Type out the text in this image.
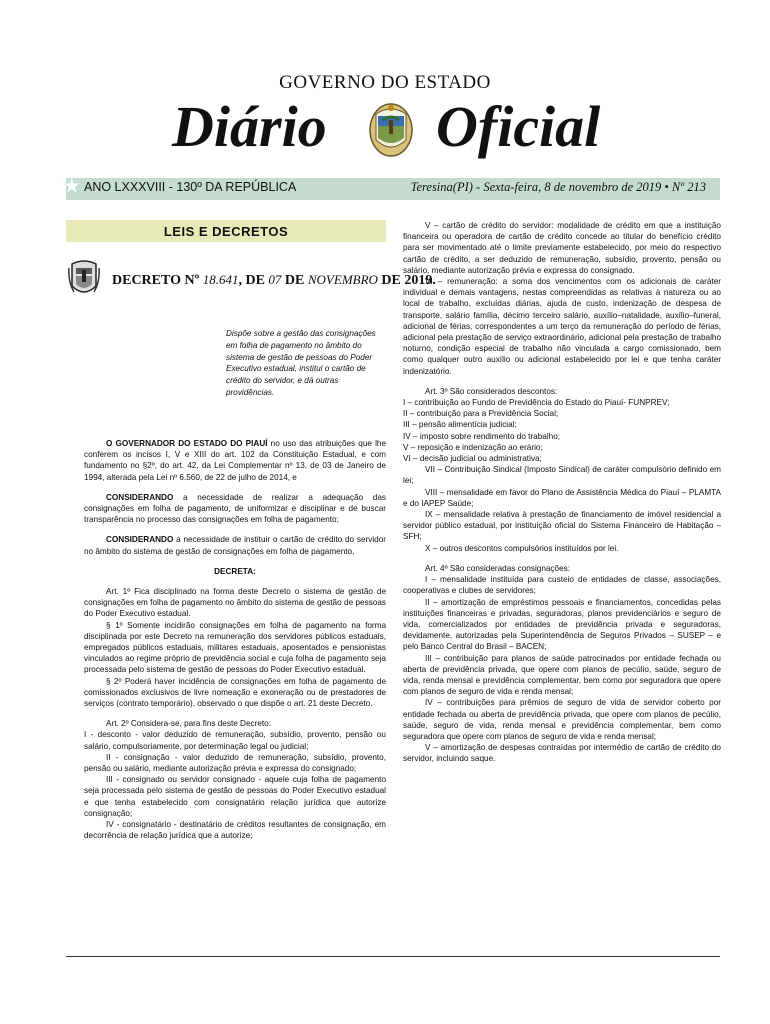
GOVERNO DO ESTADO
Diário Oficial
★ ANO LXXXVIII - 130º DA REPÚBLICA	Teresina(PI) - Sexta-feira, 8 de novembro de 2019 • Nº 213
LEIS E DECRETOS
DECRETO Nº 18.641, DE 07 DE NOVEMBRO DE 2019.
Dispõe sobre a gestão das consignações em folha de pagamento no âmbito do sistema de gestão de pessoas do Poder Executivo estadual, institui o cartão de crédito do servidor, e dá outras providências.

O GOVERNADOR DO ESTADO DO PIAUÍ no uso das atribuições que lhe conferem os incisos I, V e XIII do art. 102 da Constituição Estadual, e com fundamento no §2º, do art. 42, da Lei Complementar nº 13, de 03 de Janeiro de 1994, alterada pela Lei nº 6.560, de 22 de julho de 2014, e

CONSIDERANDO a necessidade de realizar a adequação das consignações em folha de pagamento, de uniformizar e disciplinar e de buscar transparência no processo das consignações em folha de pagamento;

CONSIDERANDO a necessidade de instituir o cartão de crédito do servidor no âmbito do sistema de gestão de consignações em folha de pagamento,

DECRETA:

Art. 1º Fica disciplinado na forma deste Decreto o sistema de gestão de consignações em folha de pagamento no âmbito do sistema de gestão de pessoas do Poder Executivo estadual.

§ 1º Somente incidirão consignações em folha de pagamento na forma disciplinada por este Decreto na remuneração dos servidores públicos estaduais, empregados públicos estaduais, militares estaduais, aposentados e pensionistas vinculados ao regime próprio de previdência social e cuja folha de pagamento seja processada pelo sistema de gestão de pessoas do Poder Executivo estadual.

§ 2º Poderá haver incidência de consignações em folha de pagamento de comissionados exclusivos de livre nomeação e exoneração ou de prestadores de serviços (contrato temporário), observado o que dispõe o art. 21 deste Decreto.

Art. 2º Considera-se, para fins deste Decreto:

I - desconto - valor deduzido de remuneração, subsídio, provento, pensão ou salário, compulsoriamente, por determinação legal ou judicial;

II - consignação - valor deduzido de remuneração, subsídio, provento, pensão ou salário, mediante autorização prévia e expressa do consignado;

III - consignado ou servidor consignado - aquele cuja folha de pagamento seja processada pelo sistema de gestão de pessoas do Poder Executivo estadual e que tenha estabelecido com consignatário relação jurídica que autorize consignação;

IV - consignatário - destinatário de créditos resultantes de consignação, em decorrência de relação jurídica que a autorize;

V – cartão de crédito do servidor: modalidade de crédito em que a instituição financeira ou operadora de cartão de crédito concede ao titular do benefício crédito para ser movimentado até o limite previamente estabelecido, por meio do respectivo cartão de crédito, a ser deduzido de remuneração, subsídio, provento, pensão ou salário, mediante autorização prévia e expressa do consignado.

VI – remuneração: a soma dos vencimentos com os adicionais de caráter individual e demais vantagens, nestas compreendidas as relativas à natureza ou ao local de trabalho, excluídas diárias, ajuda de custo, indenização de despesa de transporte, salário família, décimo terceiro salário, auxílio–natalidade, auxílio–funeral, adicional de férias, correspondentes a um terço da remuneração do período de férias, adicional pela prestação de serviço extraordinário, adicional pela prestação de trabalho noturno, condição especial de trabalho não vinculada a cargo comissionado, bem como qualquer outro auxílio ou adicional estabelecido por lei e que tenha caráter indenizatório.

Art. 3º São considerados descontos:

I – contribuição ao Fundo de Previdência do Estado do Piauí- FUNPREV;

II – contribuição para a Previdência Social;

III – pensão alimentícia judicial;

IV – imposto sobre rendimento do trabalho;

V – reposição e indenização ao erário;

VI – decisão judicial ou administrativa;

VII – Contribuição Sindical (Imposto Sindical) de caráter compulsório definido em lei;

VIII – mensalidade em favor do Plano de Assistência Médica do Piauí – PLAMTA e do IAPEP Saúde;

IX – mensalidade relativa à prestação de financiamento de imóvel residencial a servidor público estadual, por instituição oficial do Sistema Financeiro de Habitação – SFH;

X – outros descontos compulsórios instituídos por lei.

Art. 4º São consideradas consignações:

I – mensalidade instituída para custeio de entidades de classe, associações, cooperativas e clubes de servidores;

II – amortização de empréstimos pessoais e financiamentos, concedidas pelas instituições financeiras e privadas, seguradoras, planos previdenciários e seguro de vida, comercializados por entidades de previdência privada e seguradoras, devidamente, autorizadas pela Superintendência de Seguros Privados – SUSEP – e pelo Banco Central do Brasil – BACEN;

III – contribuição para planos de saúde patrocinados por entidade fechada ou aberta de previdência privada, que opere com planos de pecúlio, saúde, seguro de vida, renda mensal e previdência complementar, bem como por seguradora que opere com planos de seguro de vida e renda mensal;

IV – contribuições para prêmios de seguro de vida de servidor coberto por entidade fechada ou aberta de previdência privada, que opere com planos de pecúlio, saúde, seguro de vida, renda mensal e previdência complementar, bem como seguradora que opere com planos de seguro de vida e renda mensal;

V – amortização de despesas contraídas por intermédio de cartão de crédito do servidor, incluindo saque.
